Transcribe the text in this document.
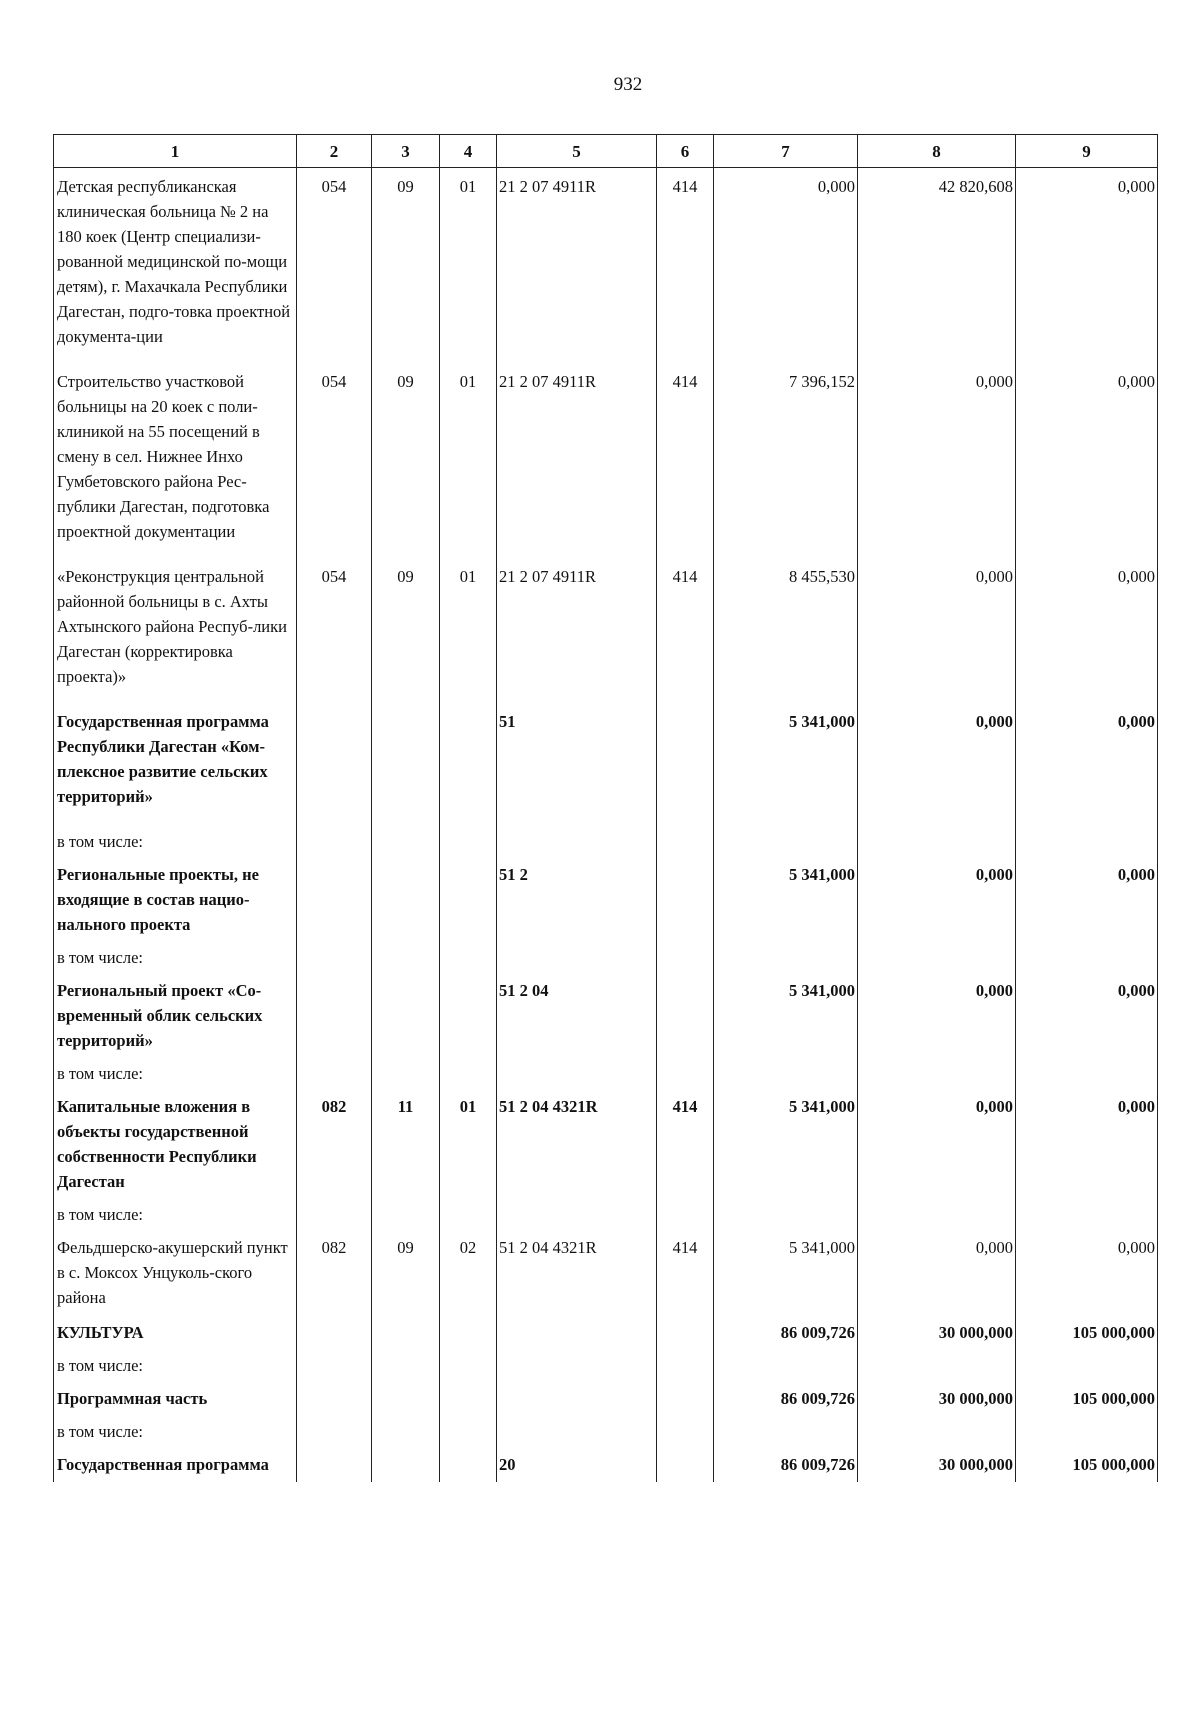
932
1	2	3	4	5	6	7	8	9
Детская республиканская клиническая больница № 2 на 180 коек (Центр специализи-рованной медицинской по-мощи детям), г. Махачкала Республики Дагестан, подго-товка проектной документа-ции	054	09	01	21 2 07 4911R	414	0,000	42 820,608	0,000
Строительство участковой больницы на 20 коек с поли-клиникой на 55 посещений в смену в сел. Нижнее Инхо Гумбетовского района Рес-публики Дагестан, подготовка проектной документации	054	09	01	21 2 07 4911R	414	7 396,152	0,000	0,000
«Реконструкция центральной районной больницы в с. Ахты Ахтынского района Респуб-лики Дагестан (корректировка проекта)»	054	09	01	21 2 07 4911R	414	8 455,530	0,000	0,000
Государственная программа Республики Дагестан «Ком-плексное развитие сельских территорий»				51		5 341,000	0,000	0,000
в том числе:								
Региональные проекты, не входящие в состав нацио-нального проекта				51 2		5 341,000	0,000	0,000
в том числе:								
Региональный проект «Со-временный облик сельских территорий»				51 2 04		5 341,000	0,000	0,000
в том числе:								
Капитальные вложения в объекты государственной собственности Республики Дагестан	082	11	01	51 2 04 4321R	414	5 341,000	0,000	0,000
в том числе:								
Фельдшерско-акушерский пункт в с. Моксох Унцуколь-ского района	082	09	02	51 2 04 4321R	414	5 341,000	0,000	0,000
КУЛЬТУРА						86 009,726	30 000,000	105 000,000
в том числе:								
Программная часть						86 009,726	30 000,000	105 000,000
в том числе:								
Государственная программа				20		86 009,726	30 000,000	105 000,000
